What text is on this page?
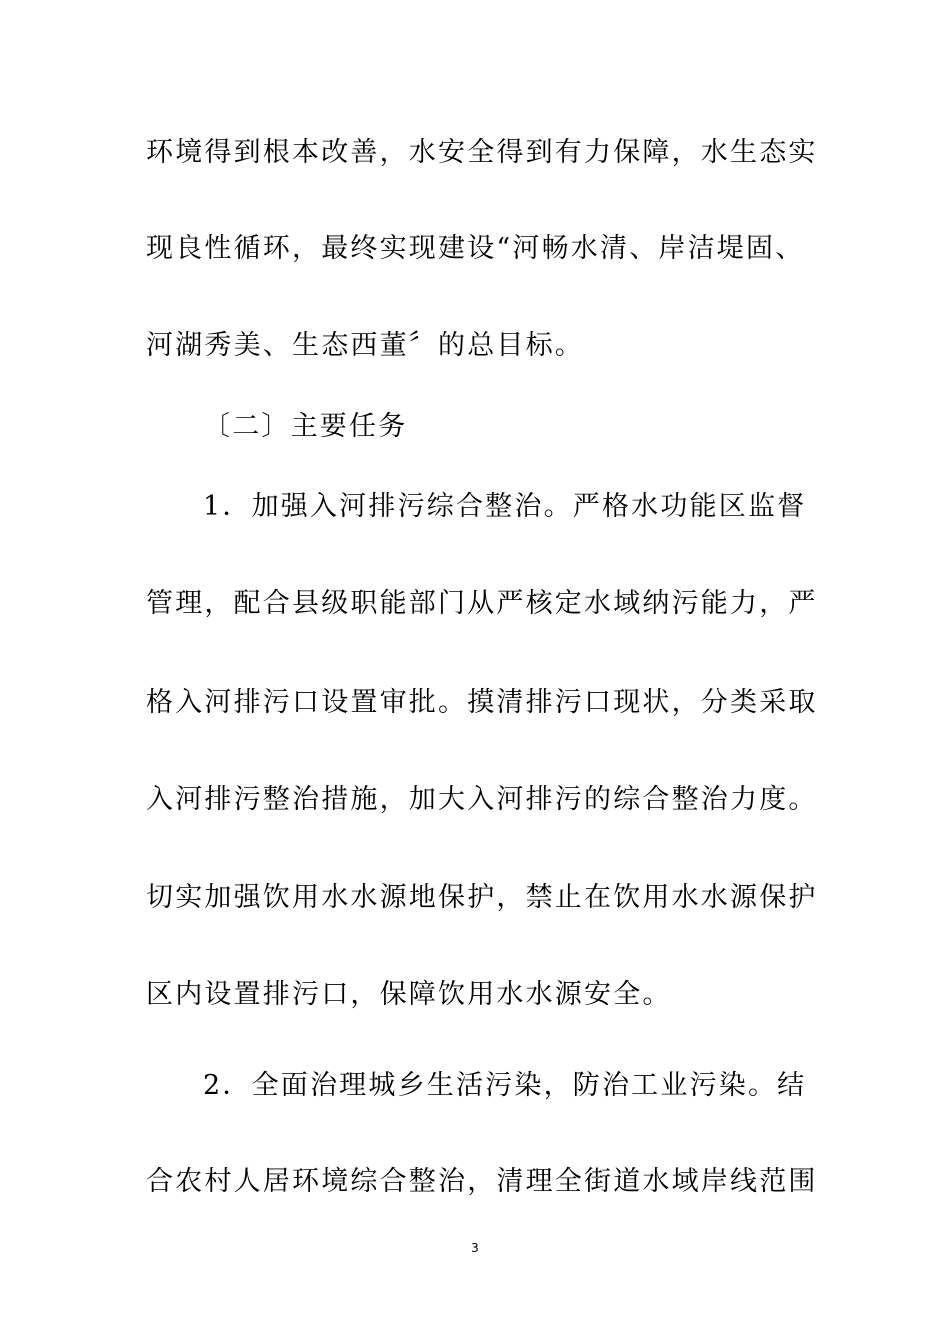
环境得到根本改善，水安全得到有力保障，水生态实
现良性循环，最终实现建设“河畅水清、岸洁堤固、
河湖秀美、生态西董〞的总目标。
〔二〕主要任务
1．加强入河排污综合整治。严格水功能区监督
管理，配合县级职能部门从严核定水域纳污能力，严
格入河排污口设置审批。摸清排污口现状，分类采取
入河排污整治措施，加大入河排污的综合整治力度。
切实加强饮用水水源地保护，禁止在饮用水水源保护
区内设置排污口，保障饮用水水源安全。
2．全面治理城乡生活污染，防治工业污染。结
合农村人居环境综合整治，清理全街道水域岸线范围
3
